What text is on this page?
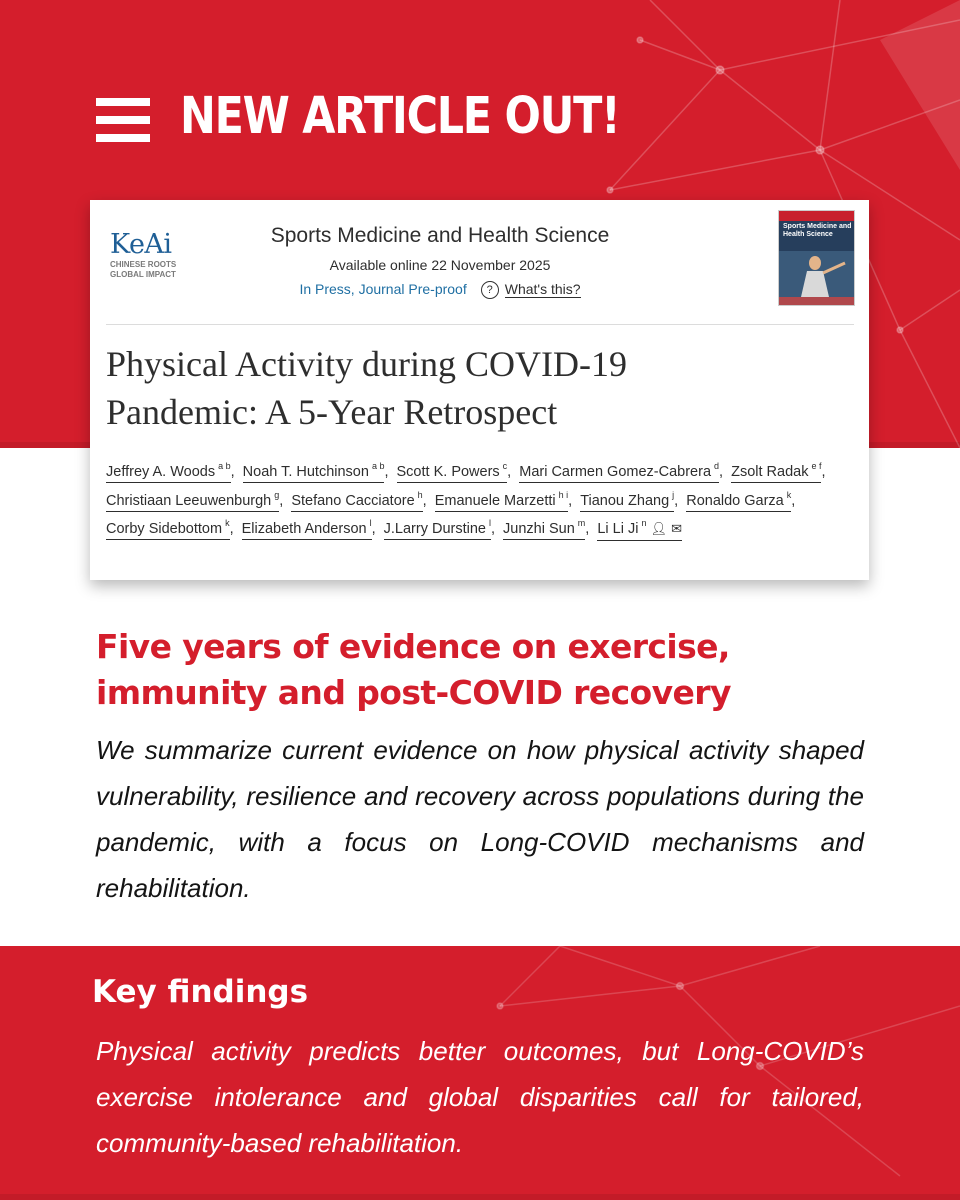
NEW ARTICLE OUT!
KeAi
CHINESE ROOTS
GLOBAL IMPACT
Sports Medicine and Health Science
Available online 22 November 2025
In Press, Journal Pre-proof ? What's this?
Sports Medicine and Health Science
Physical Activity during COVID-19
Pandemic: A 5-Year Retrospect
Jeffrey A. Woods $^{a b}$, Noah T. Hutchinson $^{a b}$, Scott K. Powers $^c$, Mari Carmen Gomez-Cabrera $^d$, Zsolt Radak $^{e f}$, Christiaan Leeuwenburgh $^g$, Stefano Cacciatore $^h$, Emanuele Marzetti $^{h i}$, Tianou Zhang $^j$, Ronaldo Garza $^k$, Corby Sidebottom $^k$, Elizabeth Anderson $^l$, J.Larry Durstine $^l$, Junzhi Sun $^m$, Li Li Ji $^n$ 👤︎ ✉
Five years of evidence on exercise,
immunity and post-COVID recovery

We summarize current evidence on how physical activity shaped vulnerability, resilience and recovery across populations during the pandemic, with a focus on Long-COVID mechanisms and rehabilitation.

Key findings

Physical activity predicts better outcomes, but Long-COVID’s exercise intolerance and global disparities call for tailored, community-based rehabilitation.
